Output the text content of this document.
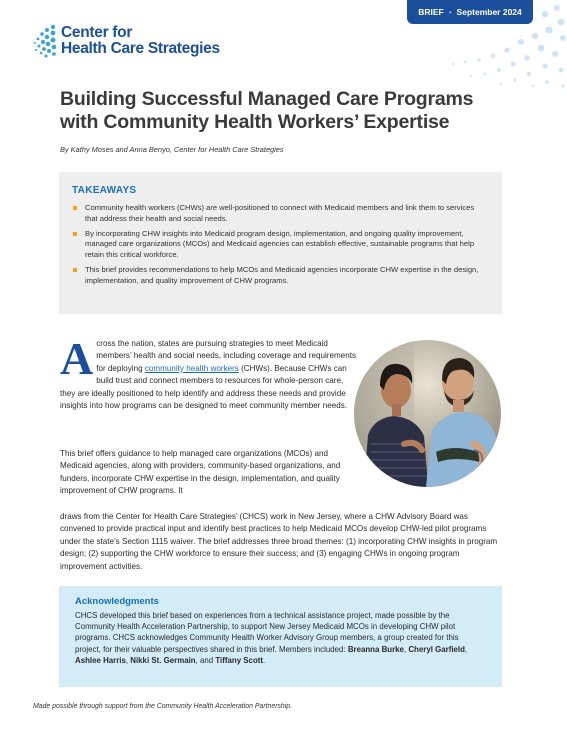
BRIEF • September 2024
Center for
Health Care Strategies
Building Successful Managed Care Programs
with Community Health Workers’ Expertise
By Kathy Moses and Anna Benyo, Center for Health Care Strategies
TAKEAWAYS
Community health workers (CHWs) are well-positioned to connect with Medicaid members and link them to services that address their health and social needs.
By incorporating CHW insights into Medicaid program design, implementation, and ongoing quality improvement, managed care organizations (MCOs) and Medicaid agencies can establish effective, sustainable programs that help retain this critical workforce.
This brief provides recommendations to help MCOs and Medicaid agencies incorporate CHW expertise in the design, implementation, and quality improvement of CHW programs.
A cross the nation, states are pursuing strategies to meet Medicaid members’ health and social needs, including coverage and requirements for deploying community health workers (CHWs). Because CHWs can build trust and connect members to resources for whole-person care, they are ideally positioned to help identify and address these needs and provide insights into how programs can be designed to meet community member needs.
This brief offers guidance to help managed care organizations (MCOs) and Medicaid agencies, along with providers, community-based organizations, and funders, incorporate CHW expertise in the design, implementation, and quality improvement of CHW programs. It
draws from the Center for Health Care Strategies’ (CHCS) work in New Jersey, where a CHW Advisory Board was convened to provide practical input and identify best practices to help Medicaid MCOs develop CHW-led pilot programs under the state’s Section 1115 waiver. The brief addresses three broad themes: (1) incorporating CHW insights in program design; (2) supporting the CHW workforce to ensure their success; and (3) engaging CHWs in ongoing program improvement activities.
Acknowledgments

CHCS developed this brief based on experiences from a technical assistance project, made possible by the Community Health Acceleration Partnership, to support New Jersey Medicaid MCOs in developing CHW pilot programs. CHCS acknowledges Community Health Worker Advisory Group members, a group created for this project, for their valuable perspectives shared in this brief. Members included: Breanna Burke, Cheryl Garfield, Ashlee Harris, Nikki St. Germain, and Tiffany Scott.

Made possible through support from the Community Health Acceleration Partnership.
